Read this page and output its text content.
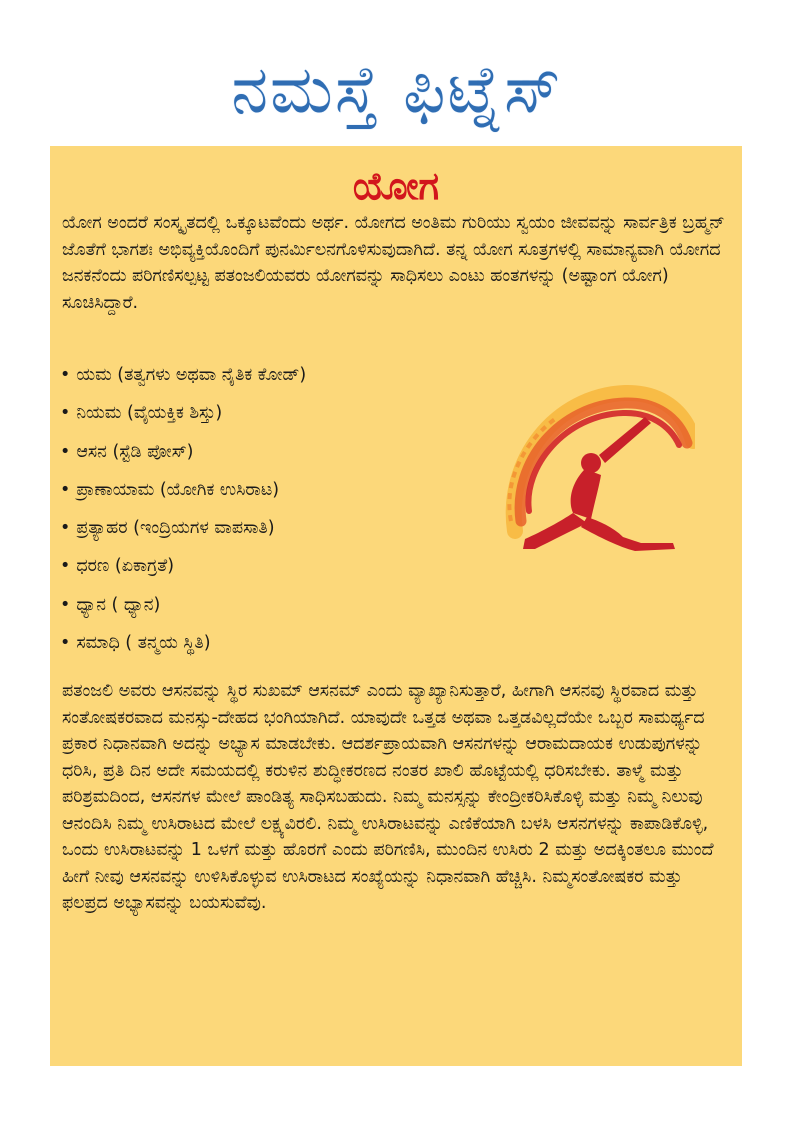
ನಮಸ್ತೆ ಫಿಟ್ನೆಸ್
ಯೋಗ
ಯೋಗ ಅಂದರೆ ಸಂಸ್ಕೃತದಲ್ಲಿ ಒಕ್ಕೂಟವೆಂದು ಅರ್ಥ. ಯೋಗದ ಅಂತಿಮ ಗುರಿಯು ಸ್ವಯಂ ಜೀವವನ್ನು ಸಾರ್ವತ್ರಿಕ ಬ್ರಹ್ಮನ್ ಜೊತೆಗೆ ಭಾಗಶಃ ಅಭಿವ್ಯಕ್ತಿಯೊಂದಿಗೆ ಪುನರ್ಮಿಲನಗೊಳಿಸುವುದಾಗಿದೆ. ತನ್ನ ಯೋಗ ಸೂತ್ರಗಳಲ್ಲಿ ಸಾಮಾನ್ಯವಾಗಿ ಯೋಗದ ಜನಕನೆಂದು ಪರಿಗಣಿಸಲ್ಪಟ್ಟ ಪತಂಜಲಿಯವರು ಯೋಗವನ್ನು ಸಾಧಿಸಲು ಎಂಟು ಹಂತಗಳನ್ನು (ಅಷ್ಟಾಂಗ ಯೋಗ) ಸೂಚಿಸಿದ್ದಾರೆ.
• ಯಮ (ತತ್ವಗಳು ಅಥವಾ ನೈತಿಕ ಕೋಡ್)
• ನಿಯಮ (ವೈಯಕ್ತಿಕ ಶಿಸ್ತು)
• ಆಸನ (ಸ್ಟೆಡಿ ಪೋಸ್)
• ಪ್ರಾಣಾಯಾಮ (ಯೋಗಿಕ ಉಸಿರಾಟ)
• ಪ್ರತ್ಯಾಹರ (ಇಂದ್ರಿಯಗಳ ವಾಪಸಾತಿ)
• ಧರಣ (ಏಕಾಗ್ರತೆ)
• ಧ್ಯಾನ ( ಧ್ಯಾನ)
• ಸಮಾಧಿ ( ತನ್ಮಯ ಸ್ಥಿತಿ)
ಪತಂಜಲಿ ಅವರು ಆಸನವನ್ನು ಸ್ಥಿರ ಸುಖಮ್ ಆಸನಮ್ ಎಂದು ವ್ಯಾಖ್ಯಾನಿಸುತ್ತಾರೆ, ಹೀಗಾಗಿ ಆಸನವು ಸ್ಥಿರವಾದ ಮತ್ತು ಸಂತೋಷಕರವಾದ ಮನಸ್ಸು-ದೇಹದ ಭಂಗಿಯಾಗಿದೆ. ಯಾವುದೇ ಒತ್ತಡ ಅಥವಾ ಒತ್ತಡವಿಲ್ಲದೆಯೇ ಒಬ್ಬರ ಸಾಮರ್ಥ್ಯದ ಪ್ರಕಾರ ನಿಧಾನವಾಗಿ ಅದನ್ನು ಅಭ್ಯಾಸ ಮಾಡಬೇಕು. ಆದರ್ಶಪ್ರಾಯವಾಗಿ ಆಸನಗಳನ್ನು ಆರಾಮದಾಯಕ ಉಡುಪುಗಳನ್ನು ಧರಿಸಿ, ಪ್ರತಿ ದಿನ ಅದೇ ಸಮಯದಲ್ಲಿ ಕರುಳಿನ ಶುದ್ಧೀಕರಣದ ನಂತರ ಖಾಲಿ ಹೊಟ್ಟೆಯಲ್ಲಿ ಧರಿಸಬೇಕು. ತಾಳ್ಮೆ ಮತ್ತು ಪರಿಶ್ರಮದಿಂದ, ಆಸನಗಳ ಮೇಲೆ ಪಾಂಡಿತ್ಯ ಸಾಧಿಸಬಹುದು. ನಿಮ್ಮ ಮನಸ್ಸನ್ನು ಕೇಂದ್ರೀಕರಿಸಿಕೊಳ್ಳಿ ಮತ್ತು ನಿಮ್ಮ ನಿಲುವು ಆನಂದಿಸಿ ನಿಮ್ಮ ಉಸಿರಾಟದ ಮೇಲೆ ಲಕ್ಷ್ಯವಿರಲಿ. ನಿಮ್ಮ ಉಸಿರಾಟವನ್ನು ಎಣಿಕೆಯಾಗಿ ಬಳಸಿ ಆಸನಗಳನ್ನು ಕಾಪಾಡಿಕೊಳ್ಳಿ, ಒಂದು ಉಸಿರಾಟವನ್ನು 1 ಒಳಗೆ ಮತ್ತು ಹೊರಗೆ ಎಂದು ಪರಿಗಣಿಸಿ, ಮುಂದಿನ ಉಸಿರು 2 ಮತ್ತು ಅದಕ್ಕಿಂತಲೂ ಮುಂದೆ ಹೀಗೆ ನೀವು ಆಸನವನ್ನು ಉಳಿಸಿಕೊಳ್ಳುವ ಉಸಿರಾಟದ ಸಂಖ್ಯೆಯನ್ನು ನಿಧಾನವಾಗಿ ಹೆಚ್ಚಿಸಿ. ನಿಮ್ಮಸಂತೋಷಕರ ಮತ್ತು ಫಲಪ್ರದ ಅಭ್ಯಾಸವನ್ನು ಬಯಸುವೆವು.
